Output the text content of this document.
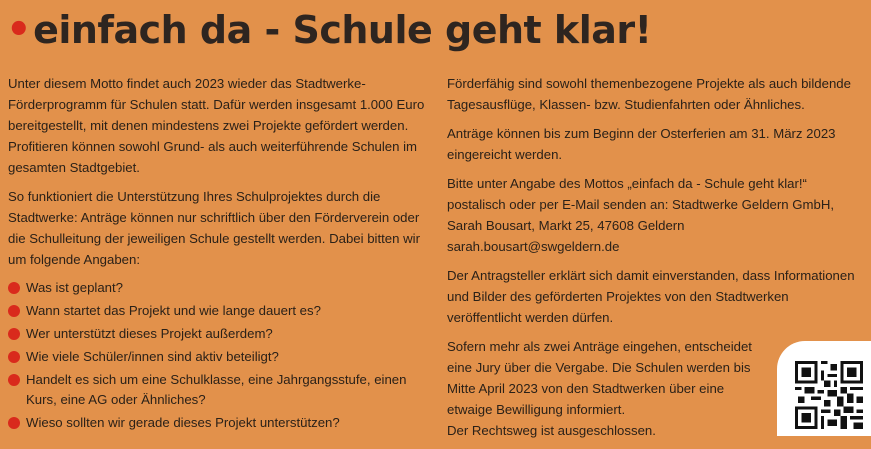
•einfach da - Schule geht klar!

Unter diesem Motto findet auch 2023 wieder das Stadtwerke-Förderprogramm für Schulen statt. Dafür werden insgesamt 1.000 Euro bereitgestellt, mit denen mindestens zwei Projekte gefördert werden. Profitieren können sowohl Grund- als auch weiterführende Schulen im gesamten Stadtgebiet.

So funktioniert die Unterstützung Ihres Schulprojektes durch die Stadtwerke: Anträge können nur schriftlich über den Förderverein oder die Schulleitung der jeweiligen Schule gestellt werden. Dabei bitten wir um folgende Angaben:

Was ist geplant?
Wann startet das Projekt und wie lange dauert es?
Wer unterstützt dieses Projekt außerdem?
Wie viele Schüler/innen sind aktiv beteiligt?
Handelt es sich um eine Schulklasse, eine Jahrgangsstufe, einen Kurs, eine AG oder Ähnliches?
Wieso sollten wir gerade dieses Projekt unterstützen?

Förderfähig sind sowohl themenbezogene Projekte als auch bildende Tagesausflüge, Klassen- bzw. Studienfahrten oder Ähnliches.

Anträge können bis zum Beginn der Osterferien am 31. März 2023 eingereicht werden.

Bitte unter Angabe des Mottos „einfach da - Schule geht klar!“
postalisch oder per E-Mail senden an: Stadtwerke Geldern GmbH,
Sarah Bousart, Markt 25, 47608 Geldern
sarah.bousart@swgeldern.de

Der Antragsteller erklärt sich damit einverstanden, dass Informationen und Bilder des geförderten Projektes von den Stadtwerken veröffentlicht werden dürfen.

Sofern mehr als zwei Anträge eingehen, entscheidet
eine Jury über die Vergabe. Die Schulen werden bis
Mitte April 2023 von den Stadtwerken über eine
etwaige Bewilligung informiert.
Der Rechtsweg ist ausgeschlossen.
